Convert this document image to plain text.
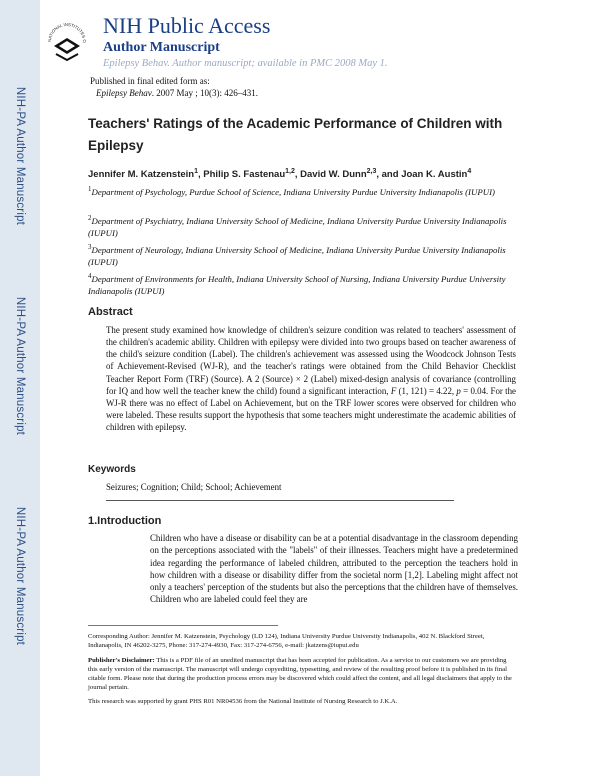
NIH-PA Author Manuscript
NIH-PA Author Manuscript
NIH-PA Author Manuscript
NATIONAL INSTITUTES O
NIH Public Access
Author Manuscript
Epilepsy Behav. Author manuscript; available in PMC 2008 May 1.
Published in final edited form as:
Epilepsy Behav. 2007 May ; 10(3): 426–431.
Teachers' Ratings of the Academic Performance of Children with Epilepsy
Jennifer M. Katzenstein$^1$, Philip S. Fastenau$^{1,2}$, David W. Dunn$^{2,3}$, and Joan K. Austin$^4$
$^1$Department of Psychology, Purdue School of Science, Indiana University Purdue University Indianapolis (IUPUI)
$^2$Department of Psychiatry, Indiana University School of Medicine, Indiana University Purdue University Indianapolis (IUPUI)
$^3$Department of Neurology, Indiana University School of Medicine, Indiana University Purdue University Indianapolis (IUPUI)
$^4$Department of Environments for Health, Indiana University School of Nursing, Indiana University Purdue University Indianapolis (IUPUI)
Abstract
The present study examined how knowledge of children's seizure condition was related to teachers' assessment of the children's academic ability. Children with epilepsy were divided into two groups based on teacher awareness of the child's seizure condition (Label). The children's achievement was assessed using the Woodcock Johnson Tests of Achievement-Revised (WJ-R), and the teacher's ratings were obtained from the Child Behavior Checklist Teacher Report Form (TRF) (Source). A 2 (Source) × 2 (Label) mixed-design analysis of covariance (controlling for IQ and how well the teacher knew the child) found a significant interaction, F (1, 121) = 4.22, p = 0.04. For the WJ-R there was no effect of Label on Achievement, but on the TRF lower scores were observed for children who were labeled. These results support the hypothesis that some teachers might underestimate the academic abilities of children with epilepsy.
Keywords
Seizures; Cognition; Child; School; Achievement
1.Introduction
Children who have a disease or disability can be at a potential disadvantage in the classroom depending on the perceptions associated with the "labels" of their illnesses. Teachers might have a predetermined idea regarding the performance of labeled children, attributed to the perception the teachers hold in how children with a disease or disability differ from the societal norm [1,2]. Labeling might affect not only a teachers' perception of the students but also the perceptions that the children have of themselves. Children who are labeled could feel they are
Corresponding Author: Jennifer M. Katzenstein, Psychology (LD 124), Indiana University Purdue University Indianapolis, 402 N. Blackford Street, Indianapolis, IN 46202-3275, Phone: 317-274-4930, Fax: 317-274-6756, e-mail: jkatzens@iupui.edu
Publisher's Disclaimer: This is a PDF file of an unedited manuscript that has been accepted for publication. As a service to our customers we are providing this early version of the manuscript. The manuscript will undergo copyediting, typesetting, and review of the resulting proof before it is published in its final citable form. Please note that during the production process errors may be discovered which could affect the content, and all legal disclaimers that apply to the journal pertain.
This research was supported by grant PHS R01 NR04536 from the National Institute of Nursing Research to J.K.A.
